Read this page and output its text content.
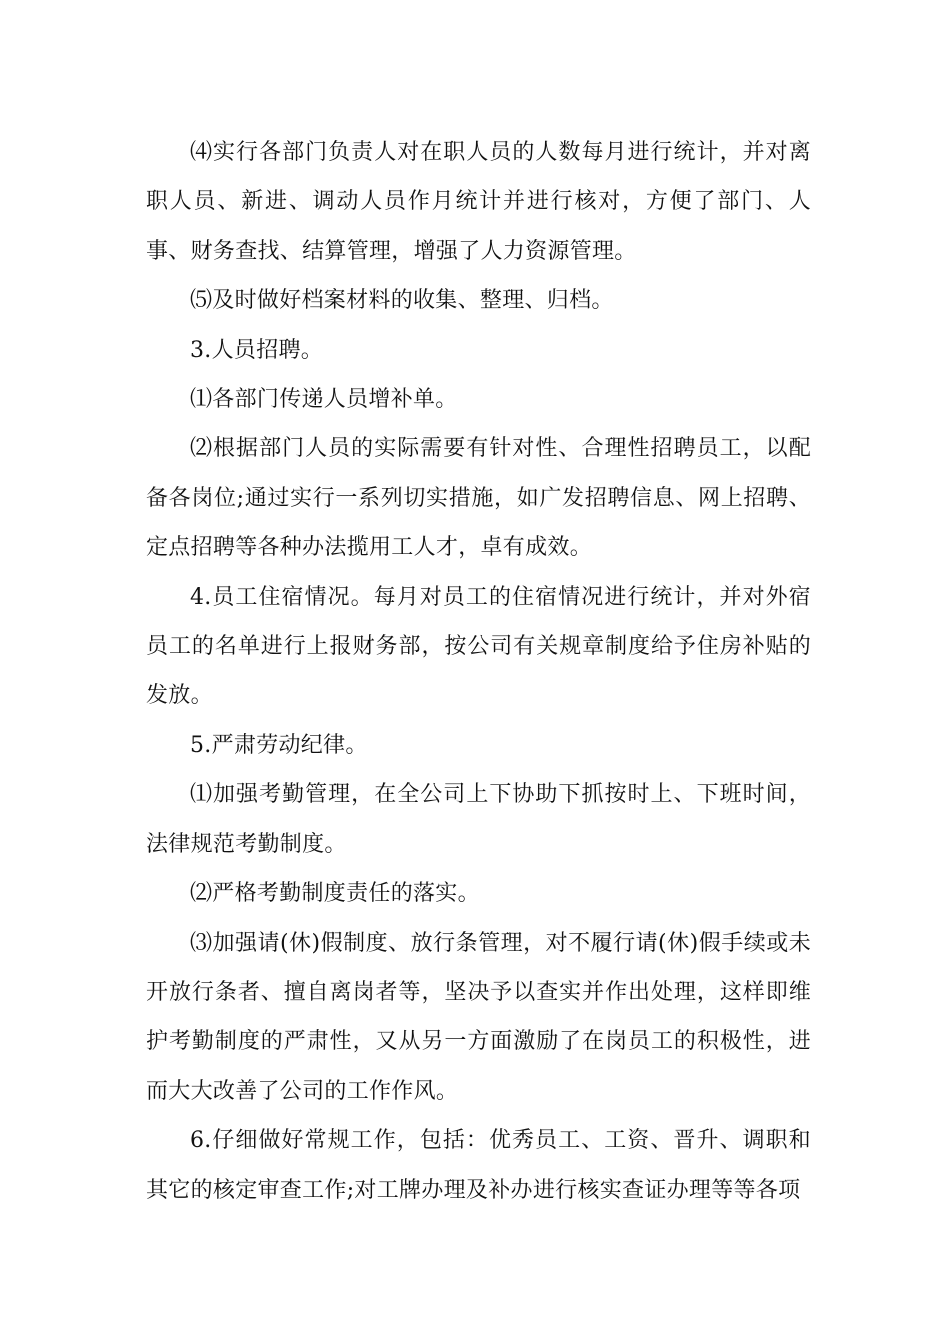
⑷实行各部门负责人对在职人员的人数每月进行统计，并对离职人员、新进、调动人员作月统计并进行核对，方便了部门、人事、财务查找、结算管理，增强了人力资源管理。

⑸及时做好档案材料的收集、整理、归档。

3.人员招聘。

⑴各部门传递人员增补单。

⑵根据部门人员的实际需要有针对性、合理性招聘员工，以配备各岗位;通过实行一系列切实措施，如广发招聘信息、网上招聘、定点招聘等各种办法揽用工人才，卓有成效。

4.员工住宿情况。每月对员工的住宿情况进行统计，并对外宿员工的名单进行上报财务部，按公司有关规章制度给予住房补贴的发放。

5.严肃劳动纪律。

⑴加强考勤管理，在全公司上下协助下抓按时上、下班时间，法律规范考勤制度。

⑵严格考勤制度责任的落实。

⑶加强请(休)假制度、放行条管理，对不履行请(休)假手续或未开放行条者、擅自离岗者等，坚决予以查实并作出处理，这样即维护考勤制度的严肃性，又从另一方面激励了在岗员工的积极性，进而大大改善了公司的工作作风。

6.仔细做好常规工作，包括：优秀员工、工资、晋升、调职和其它的核定审查工作;对工牌办理及补办进行核实查证办理等等各项
